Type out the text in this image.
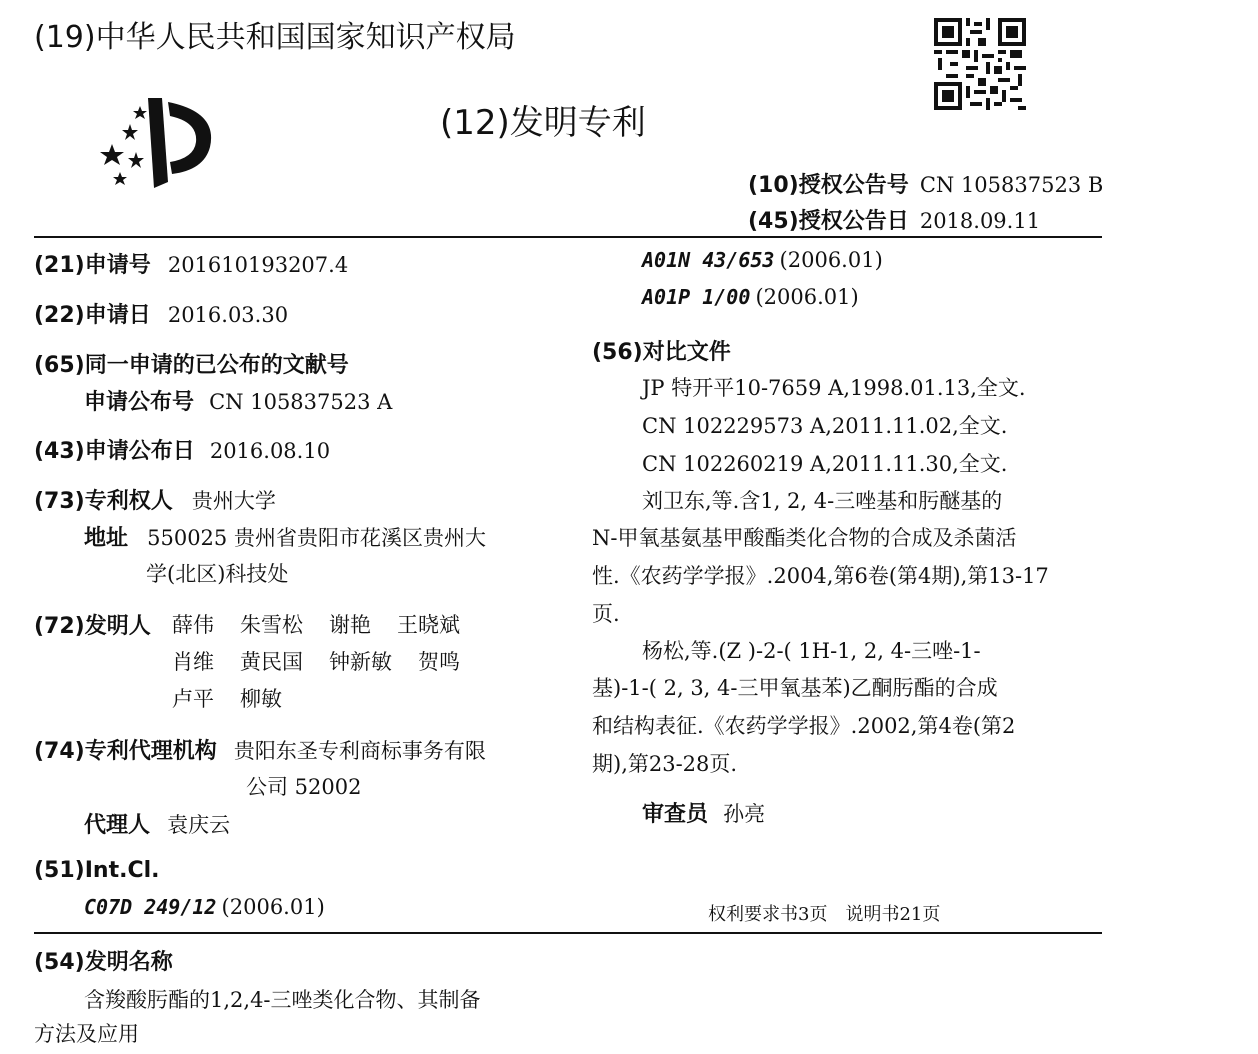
(19)中华人民共和国国家知识产权局
(12)发明专利
(10)授权公告号 CN 105837523 B
(45)授权公告日 2018.09.11
(21)申请号 201610193207.4
(22)申请日 2016.03.30
(65)同一申请的已公布的文献号
申请公布号 CN 105837523 A
(43)申请公布日 2016.08.10
(73)专利权人 贵州大学
地址 550025 贵州省贵阳市花溪区贵州大
学(北区)科技处
(72)发明人 薛伟 朱雪松 谢艳 王晓斌
肖维 黄民国 钟新敏 贺鸣
卢平 柳敏
(74)专利代理机构 贵阳东圣专利商标事务有限
公司 52002
代理人 袁庆云
(51)Int.Cl.
C07D 249/12 (2006.01)
A01N 43/653 (2006.01)
A01P 1/00 (2006.01)
(56)对比文件
JP 特开平10-7659 A,1998.01.13,全文.
CN 102229573 A,2011.11.02,全文.
CN 102260219 A,2011.11.30,全文.
刘卫东,等.含1, 2, 4-三唑基和肟醚基的
N-甲氧基氨基甲酸酯类化合物的合成及杀菌活
性.《农药学学报》.2004,第6卷(第4期),第13-17
页.
杨松,等.(Z )-2-( 1H-1, 2, 4-三唑-1-
基)-1-( 2, 3, 4-三甲氧基苯)乙酮肟酯的合成
和结构表征.《农药学学报》.2002,第4卷(第2
期),第23-28页.
审查员 孙亮
权利要求书3页　说明书21页
(54)发明名称
含羧酸肟酯的1,2,4-三唑类化合物、其制备
方法及应用
